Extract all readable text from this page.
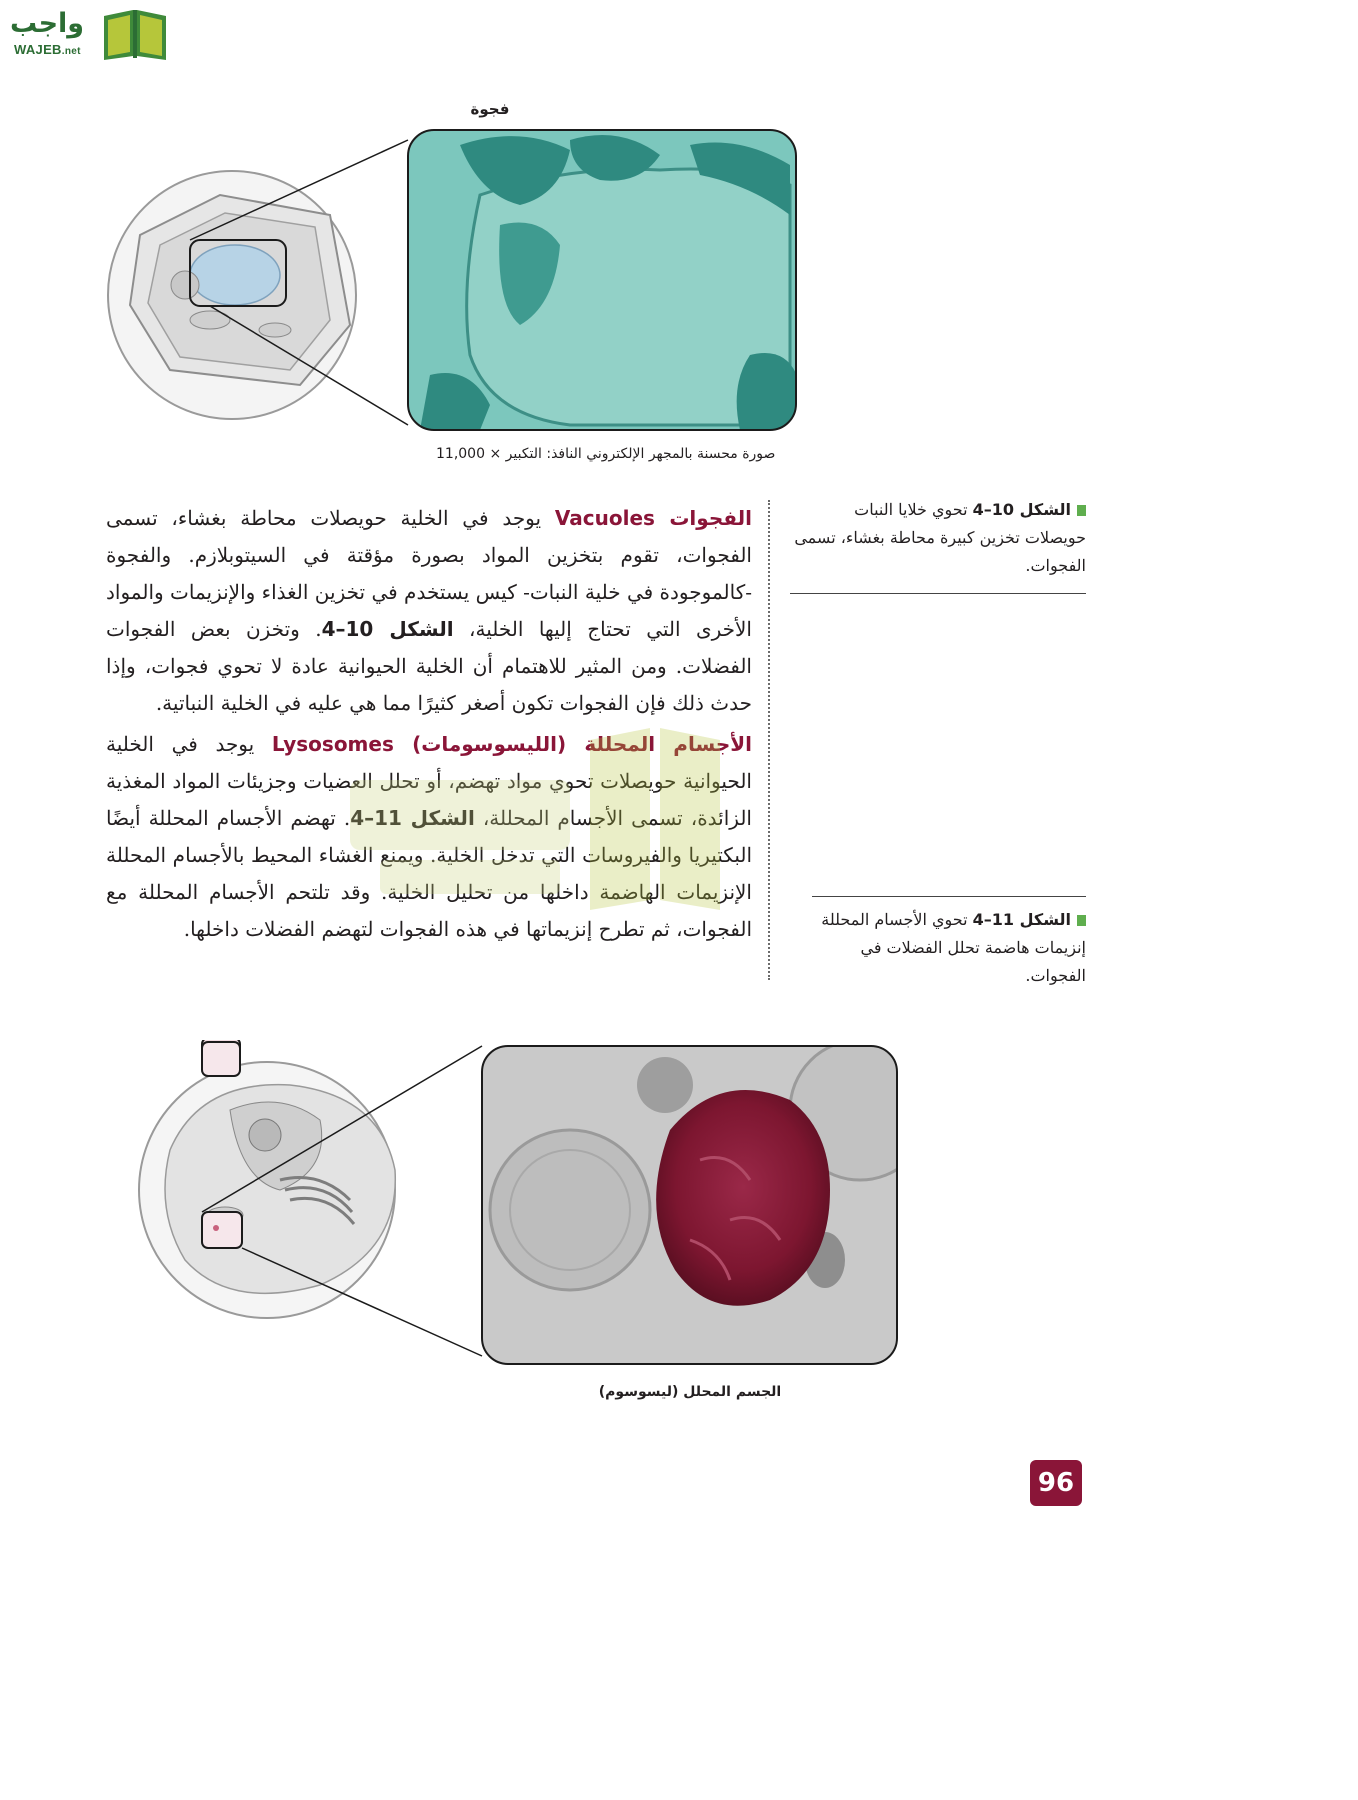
واجب
WAJEB.net
فجوة
صورة محسنة بالمجهر الإلكتروني النافذ: التكبير × 11,000

الفجوات Vacuoles يوجد في الخلية حويصلات محاطة بغشاء، تسمى الفجوات، تقوم بتخزين المواد بصورة مؤقتة في السيتوبلازم. والفجوة -كالموجودة في خلية النبات- كيس يستخدم في تخزين الغذاء والإنزيمات والمواد الأخرى التي تحتاج إليها الخلية، الشكل 10–4. وتخزن بعض الفجوات الفضلات. ومن المثير للاهتمام أن الخلية الحيوانية عادة لا تحوي فجوات، وإذا حدث ذلك فإن الفجوات تكون أصغر كثيرًا مما هي عليه في الخلية النباتية.

الأجسام المحللة (الليسوسومات) Lysosomes يوجد في الخلية الحيوانية حويصلات تحوي مواد تهضم، أو تحلل العضيات وجزيئات المواد المغذية الزائدة، تسمى الأجسام المحللة، الشكل 11–4. تهضم الأجسام المحللة أيضًا البكتيريا والفيروسات التي تدخل الخلية. ويمنع الغشاء المحيط بالأجسام المحللة الإنزيمات الهاضمة داخلها من تحليل الخلية. وقد تلتحم الأجسام المحللة مع الفجوات، ثم تطرح إنزيماتها في هذه الفجوات لتهضم الفضلات داخلها.

الشكل 10–4 تحوي خلايا النبات حويصلات تخزين كبيرة محاطة بغشاء، تسمى الفجوات.
الشكل 11–4 تحوي الأجسام المحللة إنزيمات هاضمة تحلل الفضلات في الفجوات.
الجسم المحلل (ليسوسوم)
96
